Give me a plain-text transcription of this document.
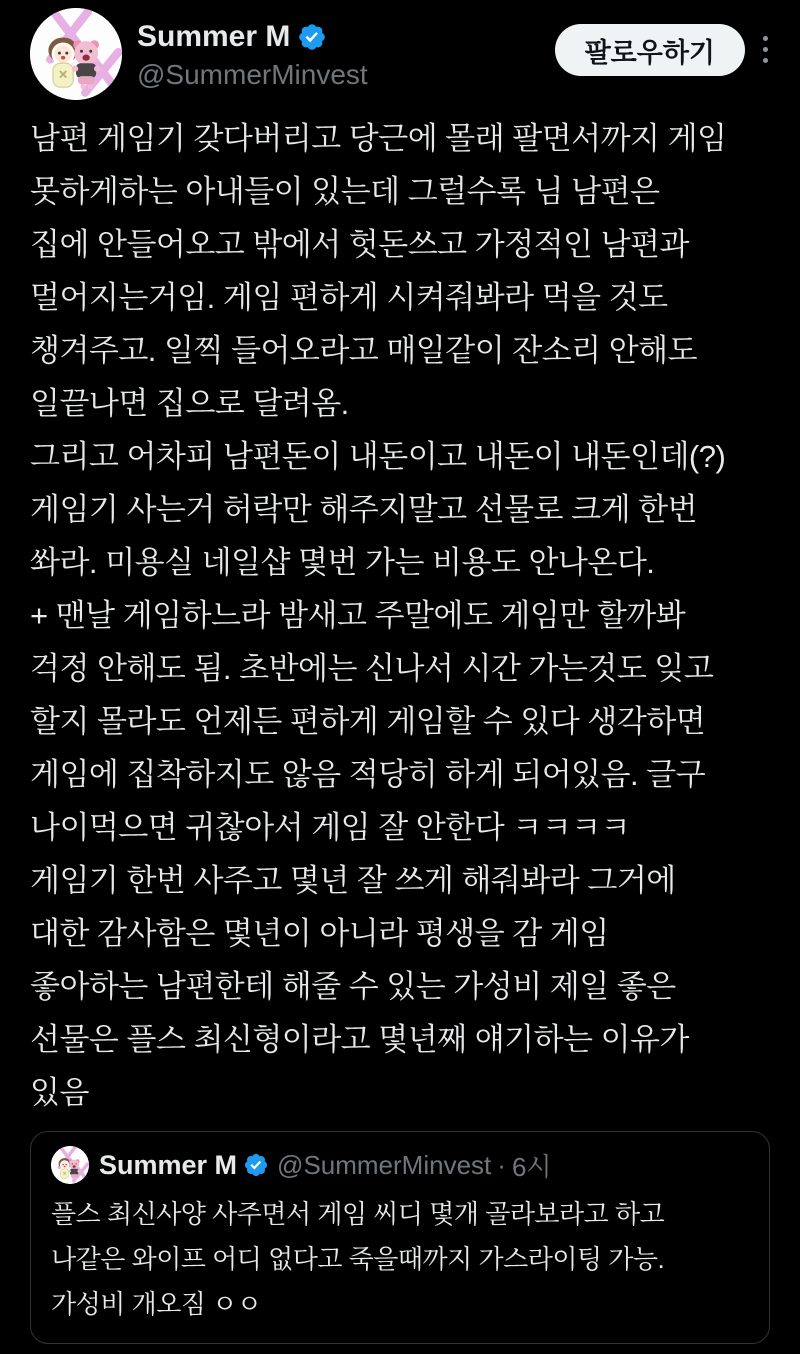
Summer M
@SummerMinvest
팔로우하기
남편 게임기 갖다버리고 당근에 몰래 팔면서까지 게임
못하게하는 아내들이 있는데 그럴수록 님 남편은
집에 안들어오고 밖에서 헛돈쓰고 가정적인 남편과
멀어지는거임. 게임 편하게 시켜줘봐라 먹을 것도
챙겨주고. 일찍 들어오라고 매일같이 잔소리 안해도
일끝나면 집으로 달려옴.
그리고 어차피 남편돈이 내돈이고 내돈이 내돈인데(?)
게임기 사는거 허락만 해주지말고 선물로 크게 한번
쏴라. 미용실 네일샵 몇번 가는 비용도 안나온다.
+ 맨날 게임하느라 밤새고 주말에도 게임만 할까봐
걱정 안해도 됨. 초반에는 신나서 시간 가는것도 잊고
할지 몰라도 언제든 편하게 게임할 수 있다 생각하면
게임에 집착하지도 않음 적당히 하게 되어있음. 글구
나이먹으면 귀찮아서 게임 잘 안한다 ㅋㅋㅋㅋ
게임기 한번 사주고 몇년 잘 쓰게 해줘봐라 그거에
대한 감사함은 몇년이 아니라 평생을 감 게임
좋아하는 남편한테 해줄 수 있는 가성비 제일 좋은
선물은 플스 최신형이라고 몇년째 얘기하는 이유가
있음
Summer M @SummerMinvest · 6시
플스 최신사양 사주면서 게임 씨디 몇개 골라보라고 하고
나같은 와이프 어디 없다고 죽을때까지 가스라이팅 가능.
가성비 개오짐 ㅇㅇ
